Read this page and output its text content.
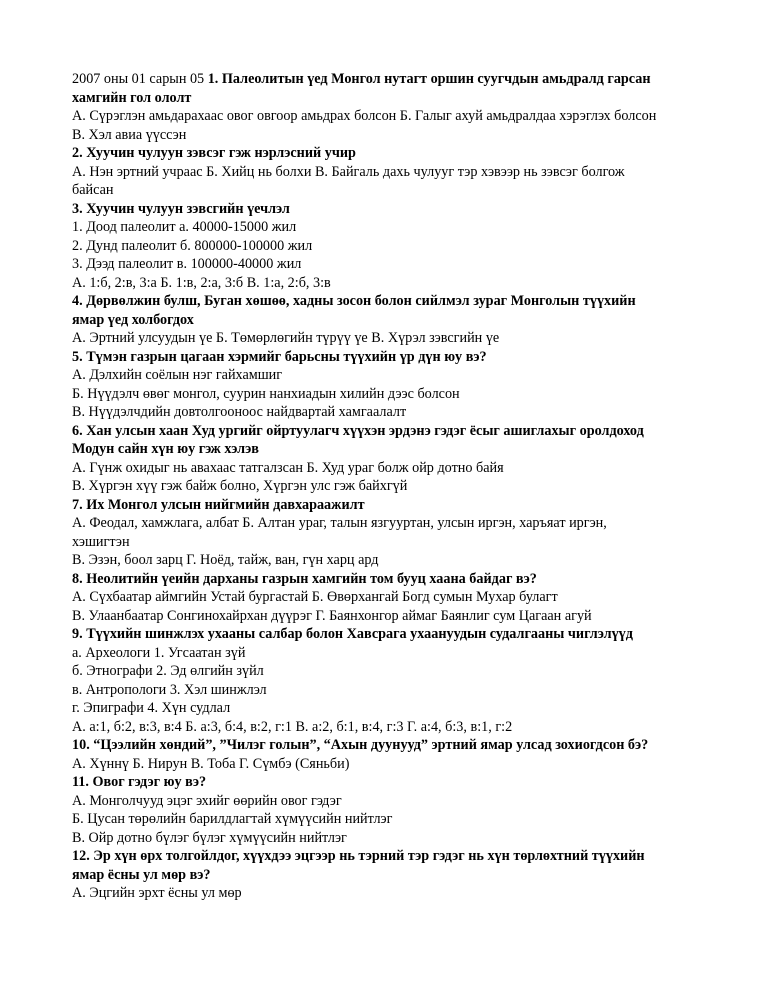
2007 оны 01 сарын 05 1. Палеолитын үед Монгол нутагт оршин суугчдын амьдралд гарсан
хамгийн гол ололт
А. Сүрэглэн амьдарахаас овог овгоор амьдрах болсон Б. Галыг ахуй амьдралдаа хэрэглэх болсон
В. Хэл авиа үүссэн
2. Хуучин чулуун зэвсэг гэж нэрлэсний учир
А. Нэн эртний учраас Б. Хийц нь болхи В. Байгаль дахь чулууг тэр хэвээр нь зэвсэг болгож
байсан
3. Хуучин чулуун зэвсгийн үечлэл
1. Доод палеолит а. 40000-15000 жил
2. Дунд палеолит б. 800000-100000 жил
3. Дээд палеолит в. 100000-40000 жил
А. 1:б, 2:в, 3:а Б. 1:в, 2:а, 3:б В. 1:а, 2:б, 3:в
4. Дөрвөлжин булш, Буган хөшөө, хадны зосон болон сийлмэл зураг Монголын түүхийн
ямар үед холбогдох
А. Эртний улсуудын үе Б. Төмөрлөгийн түрүү үе В. Хүрэл зэвсгийн үе
5. Түмэн газрын цагаан хэрмийг барьсны түүхийн үр дүн юу вэ?
А. Дэлхийн соёлын нэг гайхамшиг
Б. Нүүдэлч өвөг монгол, суурин нанхиадын хилийн дээс болсон
В. Нүүдэлчдийн довтолгооноос найдвартай хамгаалалт
6. Хан улсын хаан Худ ургийг ойртуулагч хүүхэн эрдэнэ гэдэг ёсыг ашиглахыг оролдоход
Модун сайн хүн юу гэж хэлэв
А. Гүнж охидыг нь авахаас татгалзсан Б. Худ ураг болж ойр дотно байя
В. Хүргэн хүү гэж байж болно, Хүргэн улс гэж байхгүй
7. Их Монгол улсын нийгмийн давхараажилт
А. Феодал, хамжлага, албат Б. Алтан ураг, талын язгууртан, улсын иргэн, харъяат иргэн,
хэшигтэн
В. Эзэн, боол зарц Г. Ноёд, тайж, ван, гүн харц ард
8. Неолитийн үеийн дарханы газрын хамгийн том бууц хаана байдаг вэ?
А. Сүхбаатар аймгийн Устай бургастай Б. Өвөрхангай Богд сумын Мухар булагт
В. Улаанбаатар Сонгинохайрхан дүүрэг Г. Баянхонгор аймаг Баянлиг сум Цагаан агуй
9. Түүхийн шинжлэх ухааны салбар болон Хавсрага ухаануудын судалгааны чиглэлүүд
а. Археологи 1. Угсаатан зүй
б. Этнографи 2. Эд өлгийн зүйл
в. Антропологи 3. Хэл шинжлэл
г. Эпиграфи 4. Хүн судлал
А. а:1, б:2, в:3, в:4 Б. а:3, б:4, в:2, г:1 В. а:2, б:1, в:4, г:3 Г. а:4, б:3, в:1, г:2
10. “Цээлийн хөндий”, ”Чилэг голын”, “Ахын дуунууд” эртний ямар улсад зохиогдсон бэ?
А. Хүннү Б. Нирун В. Тоба Г. Сүмбэ (Сяньби)
11. Овог гэдэг юу вэ?
А. Монголчууд эцэг эхийг өөрийн овог гэдэг
Б. Цусан төрөлийн барилдлагтай хүмүүсийн нийтлэг
В. Ойр дотно бүлэг бүлэг хүмүүсийн нийтлэг
12. Эр хүн өрх толгойлдог, хүүхдээ эцгээр нь тэрний тэр гэдэг нь хүн төрлөхтний түүхийн
ямар ёсны ул мөр вэ?
А. Эцгийн эрхт ёсны ул мөр
